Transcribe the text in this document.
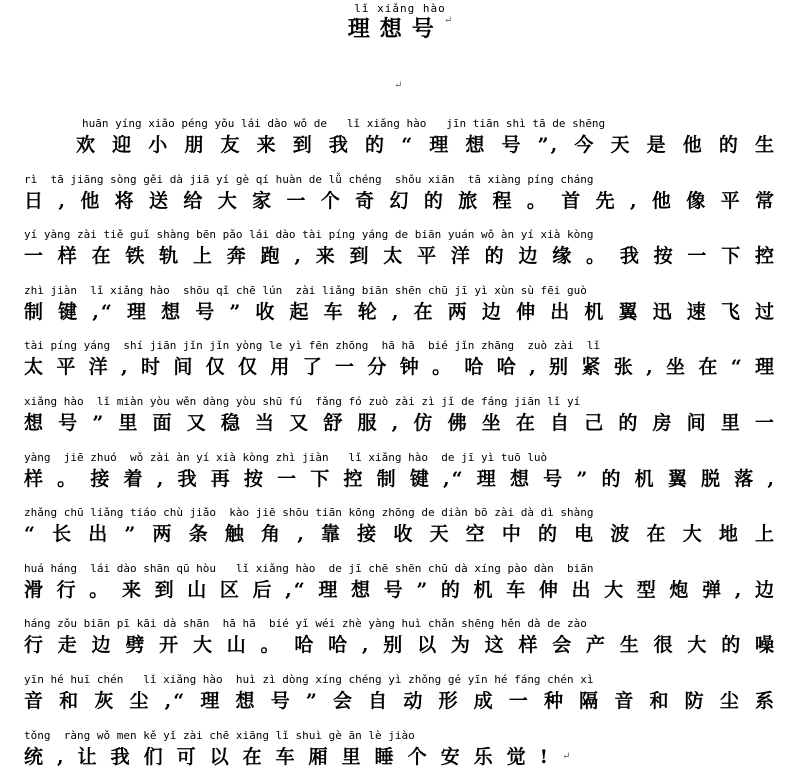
lǐ xiǎng hào
理想号↵
↵
huān yíng xiǎo péng yǒu lái dào wǒ de   lǐ xiǎng hào   jīn tiān shì tā de shēng
欢迎小朋友来到我的“理想号”,今天是他的生
rì  tā jiāng sòng gěi dà jiā yí gè qí huàn de lǚ chéng  shǒu xiān  tā xiàng píng cháng
日,他将送给大家一个奇幻的旅程。首先,他像平常
yí yàng zài tiě guǐ shàng bēn pǎo lái dào tài píng yáng de biān yuán wǒ àn yí xià kòng
一样在铁轨上奔跑,来到太平洋的边缘。我按一下控
zhì jiàn  lǐ xiǎng hào  shōu qǐ chē lún  zài liǎng biān shēn chū jī yì xùn sù fēi guò
制键,“理想号”收起车轮,在两边伸出机翼迅速飞过
tài píng yáng  shí jiān jǐn jǐn yòng le yì fēn zhōng  hā hā  bié jǐn zhāng  zuò zài  lǐ
太平洋,时间仅仅用了一分钟。哈哈,别紧张,坐在“理
xiǎng hào  lǐ miàn yòu wěn dàng yòu shū fú  fǎng fó zuò zài zì jǐ de fáng jiān lǐ yí
想号”里面又稳当又舒服,仿佛坐在自己的房间里一
yàng  jiē zhuó  wǒ zài àn yí xià kòng zhì jiàn   lǐ xiǎng hào  de jī yì tuō luò
样。接着,我再按一下控制键,“理想号”的机翼脱落,
zhǎng chū liǎng tiáo chù jiǎo  kào jiē shōu tiān kōng zhōng de diàn bō zài dà dì shàng
“长出”两条触角,靠接收天空中的电波在大地上
huá háng  lái dào shān qū hòu   lǐ xiǎng hào  de jī chē shēn chū dà xíng pào dàn  biān
滑行。来到山区后,“理想号”的机车伸出大型炮弹,边
háng zǒu biān pī kāi dà shān  hā hā  bié yǐ wéi zhè yàng huì chǎn shēng hěn dà de zào
行走边劈开大山。哈哈,别以为这样会产生很大的噪
yīn hé huī chén   lǐ xiǎng hào  huì zì dòng xíng chéng yì zhǒng gé yīn hé fáng chén xì
音和灰尘,“理想号”会自动形成一种隔音和防尘系
tǒng  ràng wǒ men kě yǐ zài chē xiāng lǐ shuì gè ān lè jiào
统,让我们可以在车厢里睡个安乐觉!↵
